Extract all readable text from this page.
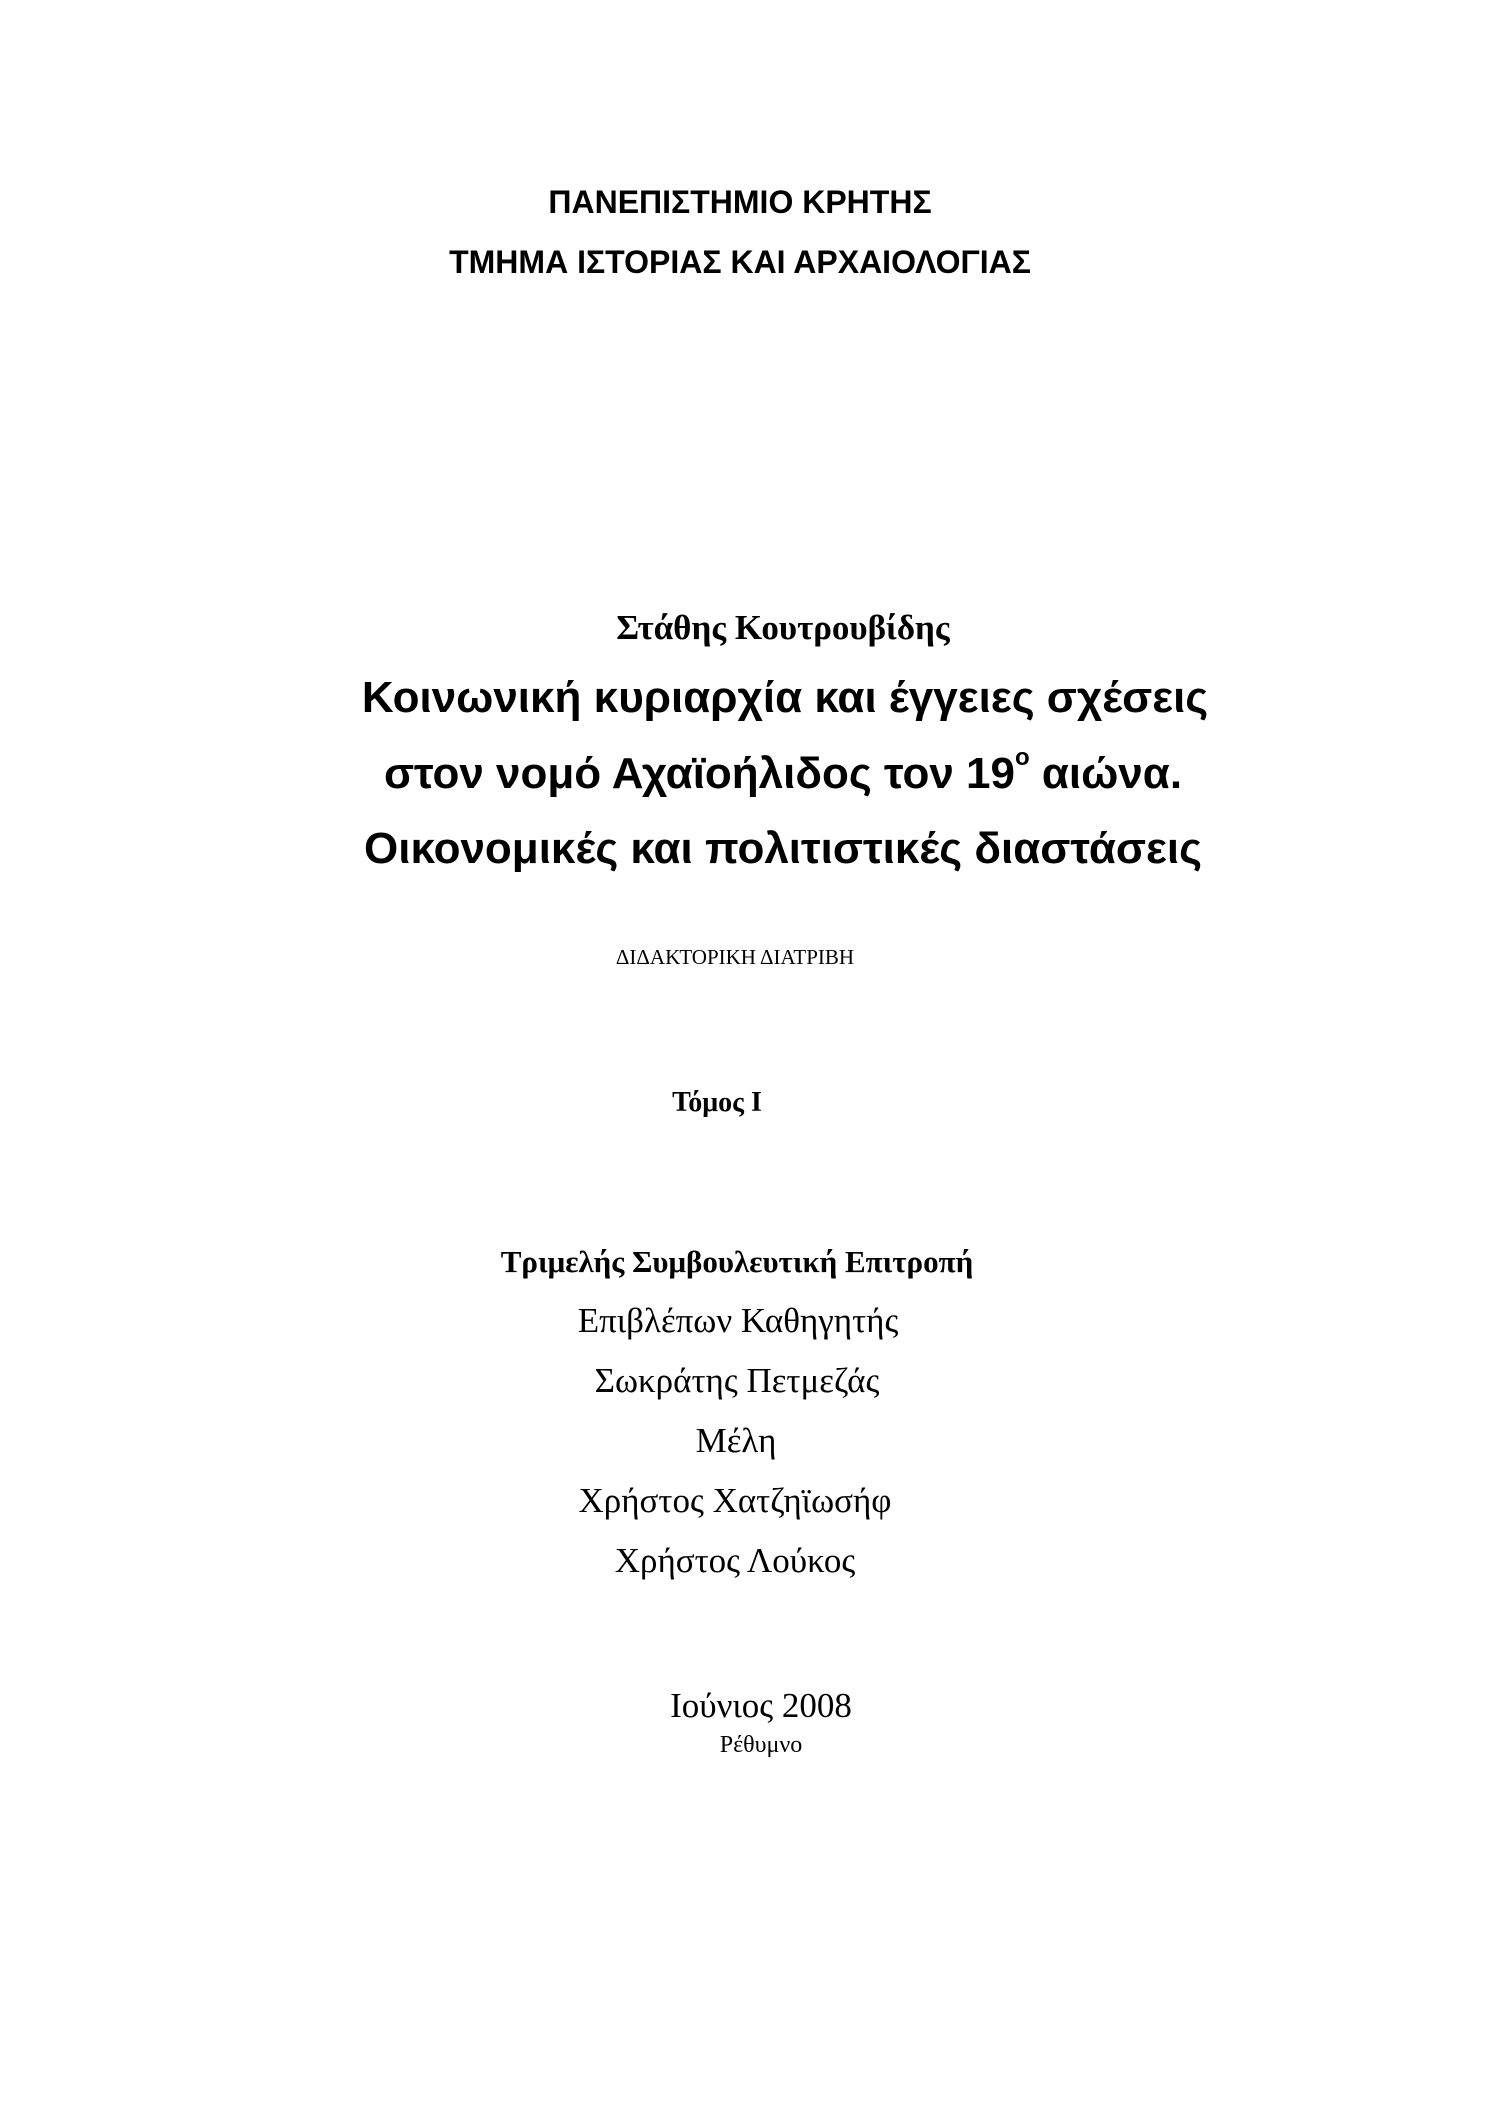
ΠΑΝΕΠΙΣΤΗΜΙΟ ΚΡΗΤΗΣ
ΤΜΗΜΑ ΙΣΤΟΡΙΑΣ ΚΑΙ ΑΡΧΑΙΟΛΟΓΙΑΣ
Στάθης Κουτρουβίδης
Κοινωνική κυριαρχία και έγγειες σχέσεις
στον νομό Αχαϊοήλιδος τον $19^o$ αιώνα.
Οικονομικές και πολιτιστικές διαστάσεις
ΔΙΔΑΚΤΟΡΙΚΗ ΔΙΑΤΡΙΒΗ
Τόμος Ι
Τριμελής Συμβουλευτική Επιτροπή
Επιβλέπων Καθηγητής
Σωκράτης Πετμεζάς
Μέλη
Χρήστος Χατζηϊωσήφ
Χρήστος Λούκος
Ιούνιος 2008
Ρέθυμνο
